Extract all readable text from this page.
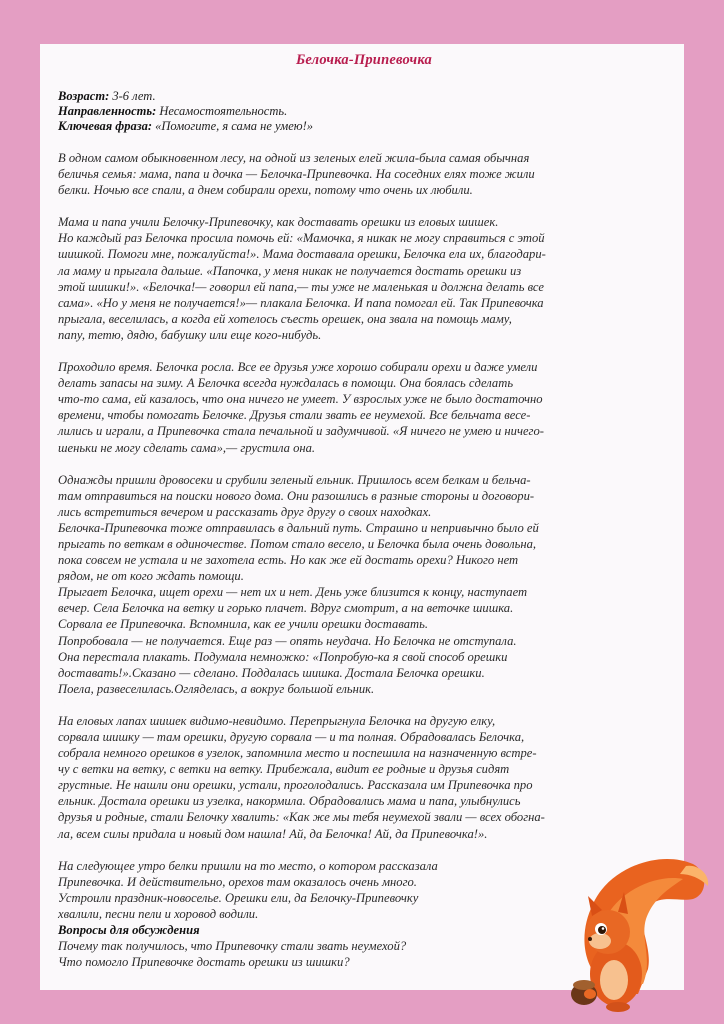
Белочка-Припевочка
Возраст: 3-6 лет.
Направленность: Несамостоятельность.
Ключевая фраза: «Помогите, я сама не умею!»
В одном самом обыкновенном лесу, на одной из зеленых елей жила-была самая обычная
беличья семья: мама, папа и дочка — Белочка-Припевочка. На соседних елях тоже жили
белки. Ночью все спали, а днем собирали орехи, потому что очень их любили.
Мама и папа учили Белочку-Припевочку, как доставать орешки из еловых шишек.
Но каждый раз Белочка просила помочь ей: «Мамочка, я никак не могу справиться с этой
шишкой. Помоги мне, пожалуйста!». Мама доставала орешки, Белочка ела их, благодари-
ла маму и прыгала дальше. «Папочка, у меня никак не получается достать орешки из
этой шишки!». «Белочка!— говорил ей папа,— ты уже не маленькая и должна делать все
сама». «Но у меня не получается!»— плакала Белочка. И папа помогал ей. Так Припевочка
прыгала, веселилась, а когда ей хотелось съесть орешек, она звала на помощь маму,
папу, тетю, дядю, бабушку или еще кого-нибудь.
Проходило время. Белочка росла. Все ее друзья уже хорошо собирали орехи и даже умели
делать запасы на зиму. А Белочка всегда нуждалась в помощи. Она боялась сделать
что-то сама, ей казалось, что она ничего не умеет. У взрослых уже не было достаточно
времени, чтобы помогать Белочке. Друзья стали звать ее неумехой. Все бельчата весе-
лились и играли, а Припевочка стала печальной и задумчивой. «Я ничего не умею и ничего-
шеньки не могу сделать сама»,— грустила она.
Однажды пришли дровосеки и срубили зеленый ельник. Пришлось всем белкам и бельча-
там отправиться на поиски нового дома. Они разошлись в разные стороны и договори-
лись встретиться вечером и рассказать друг другу о своих находках.
Белочка-Припевочка тоже отправилась в дальний путь. Страшно и непривычно было ей
прыгать по веткам в одиночестве. Потом стало весело, и Белочка была очень довольна,
пока совсем не устала и не захотела есть. Но как же ей достать орехи? Никого нет
рядом, не от кого ждать помощи.
Прыгает Белочка, ищет орехи — нет их и нет. День уже близится к концу, наступает
вечер. Села Белочка на ветку и горько плачет. Вдруг смотрит, а на веточке шишка.
Сорвала ее Припевочка. Вспомнила, как ее учили орешки доставать.
Попробовала — не получается. Еще раз — опять неудача. Но Белочка не отступала.
Она перестала плакать. Подумала немножко: «Попробую-ка я свой способ орешки
доставать!».Сказано — сделано. Поддалась шишка. Достала Белочка орешки.
Поела, развеселилась.Огляделась, а вокруг большой ельник.
На еловых лапах шишек видимо-невидимо. Перепрыгнула Белочка на другую елку,
сорвала шишку — там орешки, другую сорвала — и та полная. Обрадовалась Белочка,
собрала немного орешков в узелок, запомнила место и поспешила на назначенную встре-
чу с ветки на ветку, с ветки на ветку. Прибежала, видит ее родные и друзья сидят
грустные. Не нашли они орешки, устали, проголодались. Рассказала им Припевочка про
ельник. Достала орешки из узелка, накормила. Обрадовались мама и папа, улыбнулись
друзья и родные, стали Белочку хвалить: «Как же мы тебя неумехой звали — всех обогна-
ла, всем силы придала и новый дом нашла! Ай, да Белочка! Ай, да Припевочка!».
На следующее утро белки пришли на то место, о котором рассказала
Припевочка. И действительно, орехов там оказалось очень много.
Устроили праздник-новоселье. Орешки ели, да Белочку-Припевочку
хвалили, песни пели и хоровод водили.
Вопросы для обсуждения
Почему так получилось, что Припевочку стали звать неумехой?
Что помогло Припевочке достать орешки из шишки?
